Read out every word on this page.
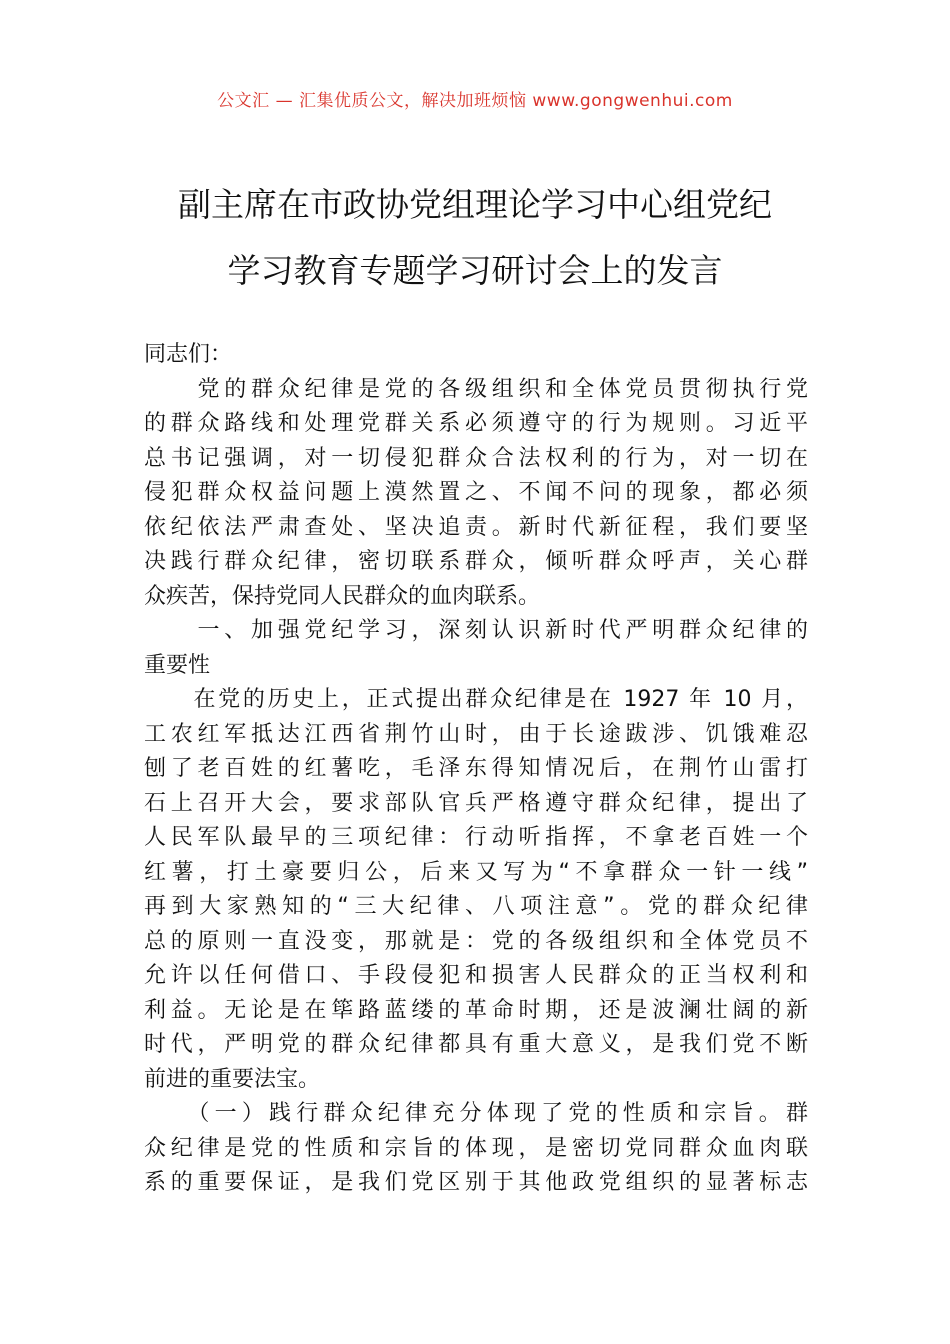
公文汇 — 汇集优质公文，解决加班烦恼 www.gongwenhui.com
副主席在市政协党组理论学习中心组党纪
学习教育专题学习研讨会上的发言
同志们：
　　党的群众纪律是党的各级组织和全体党员贯彻执行党
的群众路线和处理党群关系必须遵守的行为规则。习近平
总书记强调，对一切侵犯群众合法权利的行为，对一切在
侵犯群众权益问题上漠然置之、不闻不问的现象，都必须
依纪依法严肃查处、坚决追责。新时代新征程，我们要坚
决践行群众纪律，密切联系群众，倾听群众呼声，关心群
众疾苦，保持党同人民群众的血肉联系。
　　一、加强党纪学习，深刻认识新时代严明群众纪律的
重要性
　　在党的历史上，正式提出群众纪律是在 1927 年 10 月，
工农红军抵达江西省荆竹山时，由于长途跋涉、饥饿难忍
刨了老百姓的红薯吃，毛泽东得知情况后，在荆竹山雷打
石上召开大会，要求部队官兵严格遵守群众纪律，提出了
人民军队最早的三项纪律：行动听指挥，不拿老百姓一个
红薯，打土豪要归公，后来又写为“不拿群众一针一线”
再到大家熟知的“三大纪律、八项注意”。党的群众纪律
总的原则一直没变，那就是：党的各级组织和全体党员不
允许以任何借口、手段侵犯和损害人民群众的正当权利和
利益。无论是在筚路蓝缕的革命时期，还是波澜壮阔的新
时代，严明党的群众纪律都具有重大意义，是我们党不断
前进的重要法宝。
　　（一）践行群众纪律充分体现了党的性质和宗旨。群
众纪律是党的性质和宗旨的体现，是密切党同群众血肉联
系的重要保证，是我们党区别于其他政党组织的显著标志
